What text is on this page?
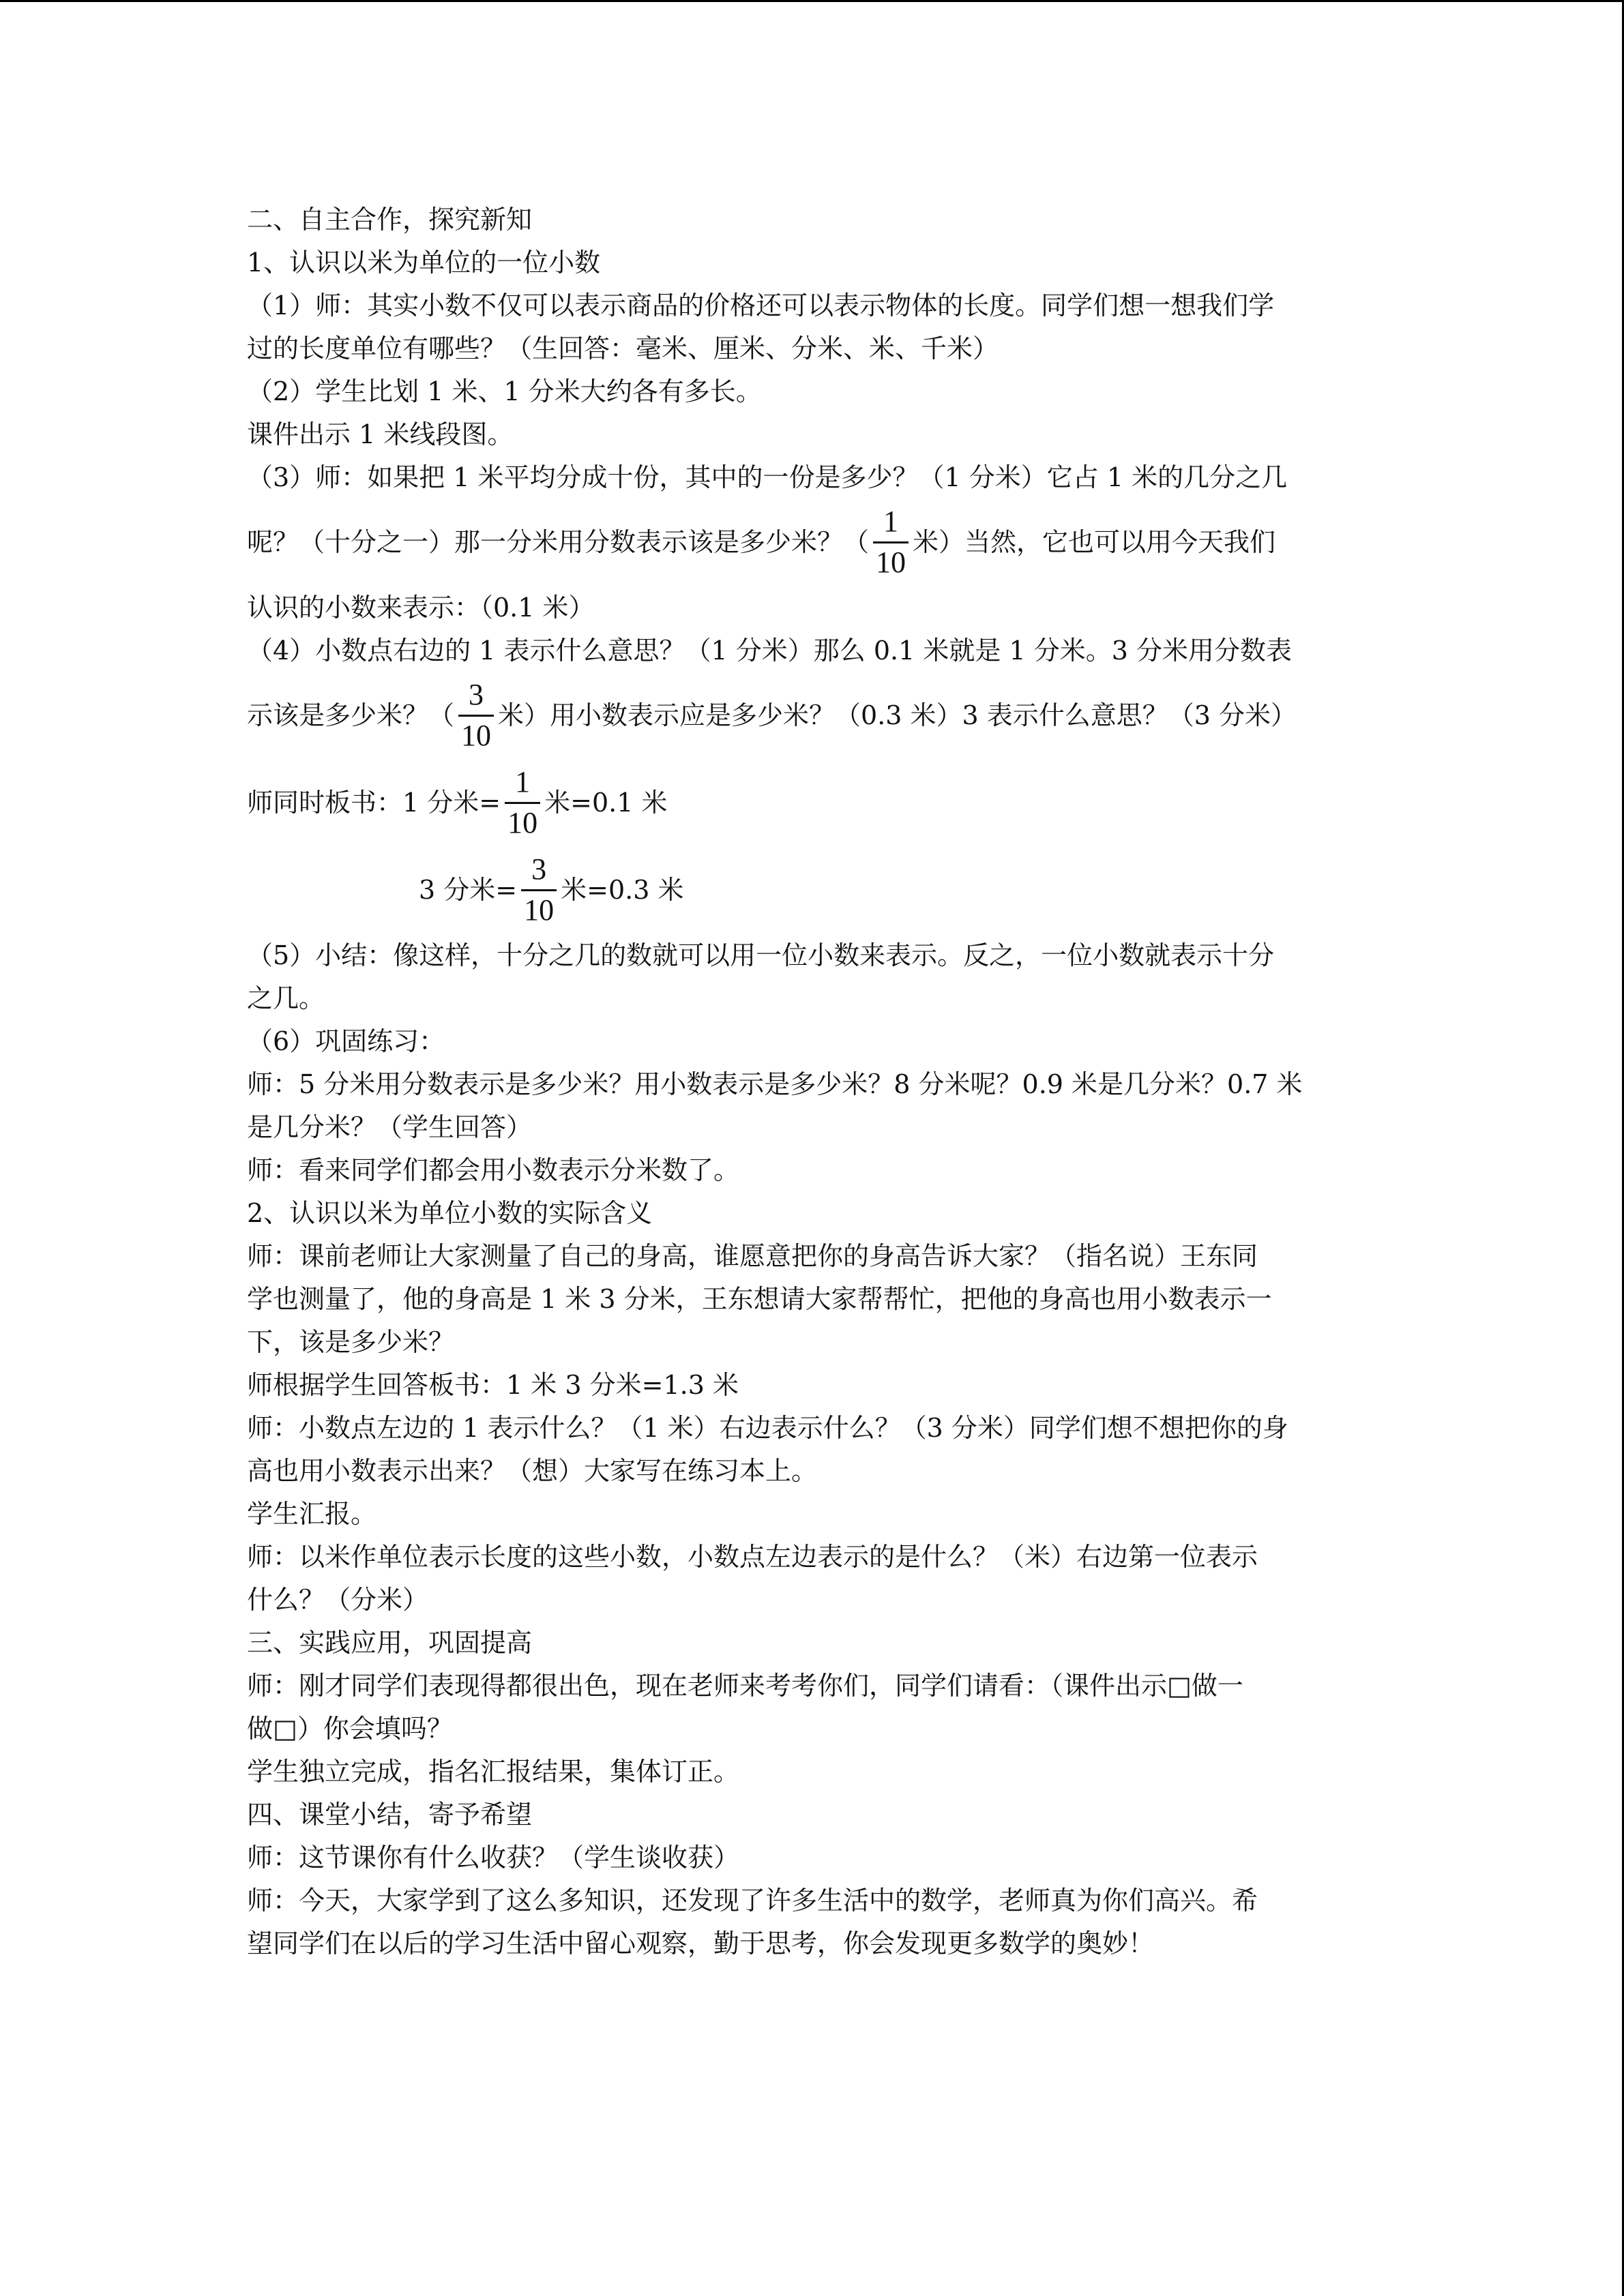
二、自主合作，探究新知
1、认识以米为单位的一位小数
（1）师：其实小数不仅可以表示商品的价格还可以表示物体的长度。同学们想一想我们学
过的长度单位有哪些？（生回答：毫米、厘米、分米、米、千米）
（2）学生比划 1 米、1 分米大约各有多长。
课件出示 1 米线段图。
（3）师：如果把 1 米平均分成十份，其中的一份是多少？（1 分米）它占 1 米的几分之几
呢？（十分之一）那一分米用分数表示该是多少米？（ $\frac{1}{10}$ 米）当然，它也可以用今天我们
认识的小数来表示：（0.1 米）
（4）小数点右边的 1 表示什么意思？（1 分米）那么 0.1 米就是 1 分米。3 分米用分数表
示该是多少米？（ $\frac{3}{10}$ 米）用小数表示应是多少米？（0.3 米）3 表示什么意思？（3 分米）
师同时板书：1 分米= $\frac{1}{10}$ 米=0.1 米
3 分米= $\frac{3}{10}$ 米=0.3 米
（5）小结：像这样，十分之几的数就可以用一位小数来表示。反之，一位小数就表示十分
之几。
（6）巩固练习：
师：5 分米用分数表示是多少米？用小数表示是多少米？8 分米呢？0.9 米是几分米？0.7 米
是几分米？（学生回答）
师：看来同学们都会用小数表示分米数了。
2、认识以米为单位小数的实际含义
师：课前老师让大家测量了自己的身高，谁愿意把你的身高告诉大家？（指名说）王东同
学也测量了，他的身高是 1 米 3 分米，王东想请大家帮帮忙，把他的身高也用小数表示一
下，该是多少米？
师根据学生回答板书：1 米 3 分米=1.3 米
师：小数点左边的 1 表示什么？（1 米）右边表示什么？（3 分米）同学们想不想把你的身
高也用小数表示出来？（想）大家写在练习本上。
学生汇报。
师：以米作单位表示长度的这些小数，小数点左边表示的是什么？（米）右边第一位表示
什么？（分米）
三、实践应用，巩固提高
师：刚才同学们表现得都很出色，现在老师来考考你们，同学们请看：（课件出示□做一
做□）你会填吗？
学生独立完成，指名汇报结果，集体订正。
四、课堂小结，寄予希望
师：这节课你有什么收获？（学生谈收获）
师：今天，大家学到了这么多知识，还发现了许多生活中的数学，老师真为你们高兴。希
望同学们在以后的学习生活中留心观察，勤于思考，你会发现更多数学的奥妙！
